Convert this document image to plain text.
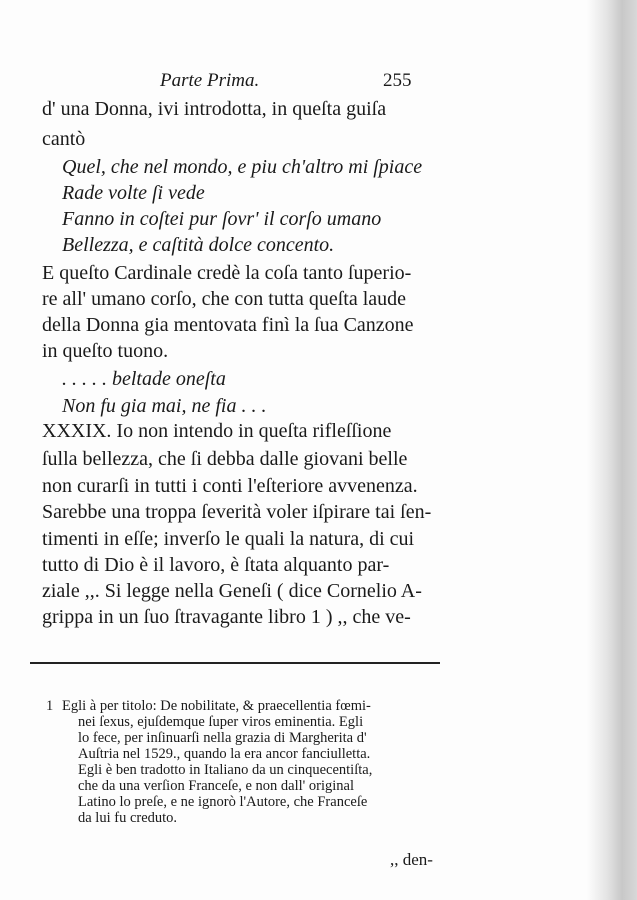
Parte Prima.	255
d' una Donna, ivi introdotta, in queſta guiſa
cantò
Quel, che nel mondo, e piu ch'altro mi ſpiace
Rade volte ſi vede
Fanno in coſtei pur ſovr' il corſo umano
Bellezza, e caſtità dolce concento.
E queſto Cardinale credè la coſa tanto ſuperio-
re all' umano corſo, che con tutta queſta laude
della Donna gia mentovata finì la ſua Canzone
in queſto tuono.
. . . . . beltade oneſta
Non fu gia mai, ne fia . . .
XXXIX. Io non intendo in queſta rifleſſione
ſulla bellezza, che ſi debba dalle giovani belle
non curarſi in tutti i conti l'eſteriore avvenenza.
Sarebbe una troppa ſeverità voler iſpirare tai ſen-
timenti in eſſe; inverſo le quali la natura, di cui
tutto di Dio è il lavoro, è ſtata alquanto par-
ziale ,,. Si legge nella Geneſi ( dice Cornelio A-
grippa in un ſuo ſtravagante libro 1 ) ,, che ve-
1 Egli à per titolo: De nobilitate, & praecellentia fœmi-
nei ſexus, ejuſdemque ſuper viros eminentia. Egli
lo fece, per inſinuarſi nella grazia di Margherita d'
Auſtria nel 1529., quando la era ancor fanciulletta.
Egli è ben tradotto in Italiano da un cinquecentiſta,
che da una verſion Franceſe, e non dall' original
Latino lo preſe, e ne ignorò l'Autore, che Franceſe
da lui fu creduto.
,, den-
